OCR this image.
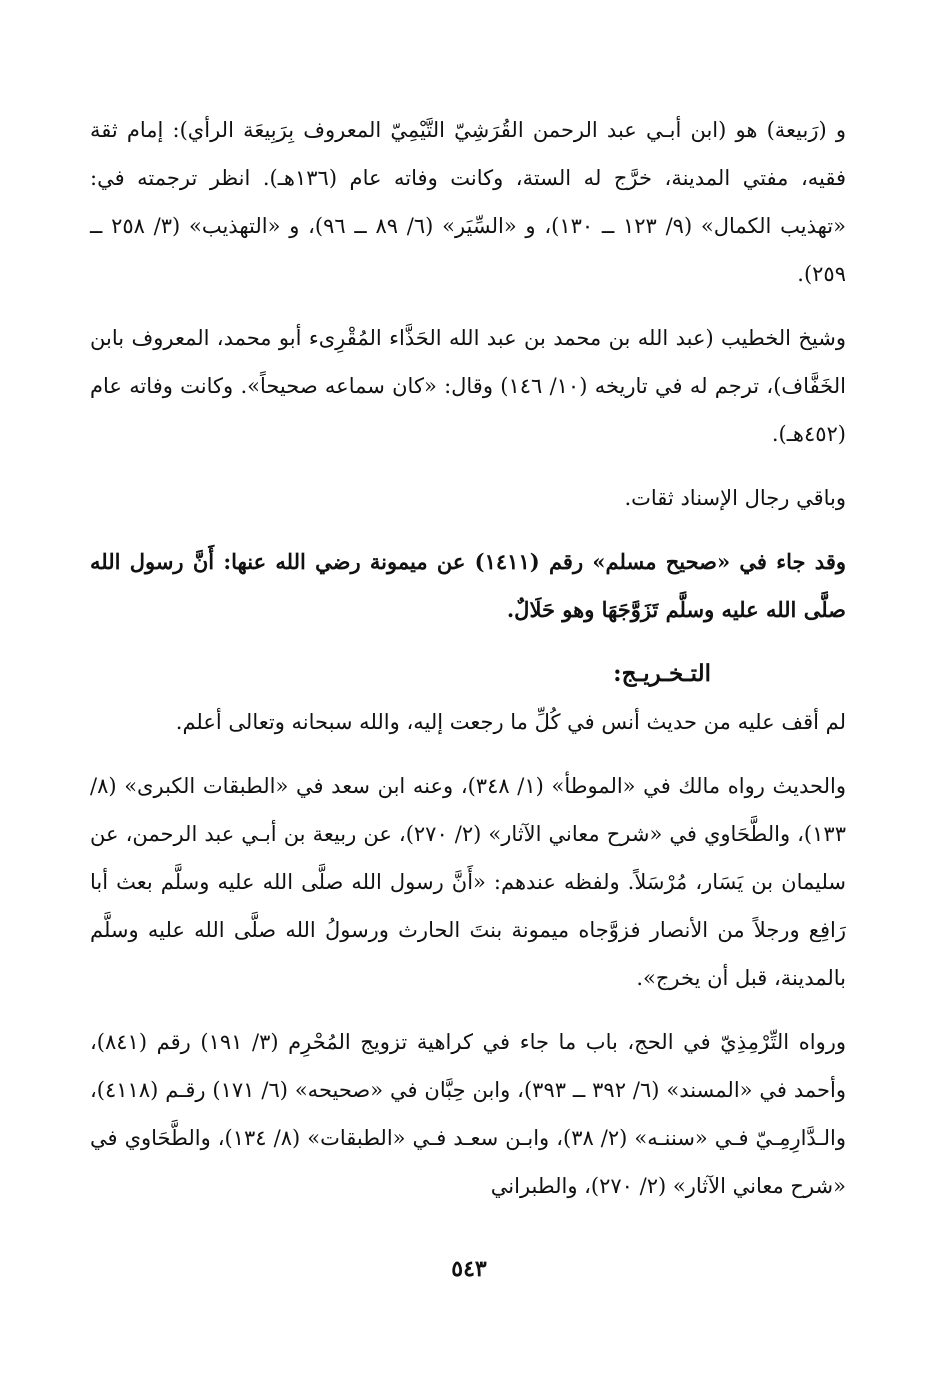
و (رَبيعة) هو (ابن أبـي عبد الرحمن القُرَشِيّ التَّيْمِيّ المعروف بِرَبِيعَة الرأي): إمام ثقة فقيه، مفتي المدينة، خرَّج له الستة، وكانت وفاته عام (١٣٦هـ). انظر ترجمته في: «تهذيب الكمال» (٩/ ١٢٣ ــ ١٣٠)، و «السِّيَر» (٦/ ٨٩ ــ ٩٦)، و «التهذيب» (٣/ ٢٥٨ ــ ٢٥٩).

وشيخ الخطيب (عبد الله بن محمد بن عبد الله الحَذَّاء المُقْرِىء أبو محمد، المعروف بابن الخَفَّاف)، ترجم له في تاريخه (١٠/ ١٤٦) وقال: «كان سماعه صحيحاً». وكانت وفاته عام (٤٥٢هـ).

وباقي رجال الإسناد ثقات.

وقد جاء في «صحيح مسلم» رقم (١٤١١) عن ميمونة رضي الله عنها: أَنَّ رسول الله صلَّى الله عليه وسلَّم تَزَوَّجَهَا وهو حَلَالٌ.

التـخـريـج:

لم أقف عليه من حديث أنس في كُلِّ ما رجعت إليه، والله سبحانه وتعالى أعلم.

والحديث رواه مالك في «الموطأ» (١/ ٣٤٨)، وعنه ابن سعد في «الطبقات الكبرى» (٨/ ١٣٣)، والطَّحَاوي في «شرح معاني الآثار» (٢/ ٢٧٠)، عن ربيعة بن أبـي عبد الرحمن، عن سليمان بن يَسَار، مُرْسَلاً. ولفظه عندهم: «أَنَّ رسول الله صلَّى الله عليه وسلَّم بعث أبا رَافِع ورجلاً من الأنصار فزوَّجاه ميمونة بنتَ الحارث ورسولُ الله صلَّى الله عليه وسلَّم بالمدينة، قبل أن يخرج».

ورواه التِّرْمِذِيّ في الحج، باب ما جاء في كراهية تزويج المُحْرِم (٣/ ١٩١) رقم (٨٤١)، وأحمد في «المسند» (٦/ ٣٩٢ ــ ٣٩٣)، وابن حِبَّان في «صحيحه» (٦/ ١٧١) رقـم (٤١١٨)، والـدَّارِمِـيّ فـي «سننـه» (٢/ ٣٨)، وابـن سعـد فـي «الطبقات» (٨/ ١٣٤)، والطَّحَاوي في «شرح معاني الآثار» (٢/ ٢٧٠)، والطبراني

٥٤٣
